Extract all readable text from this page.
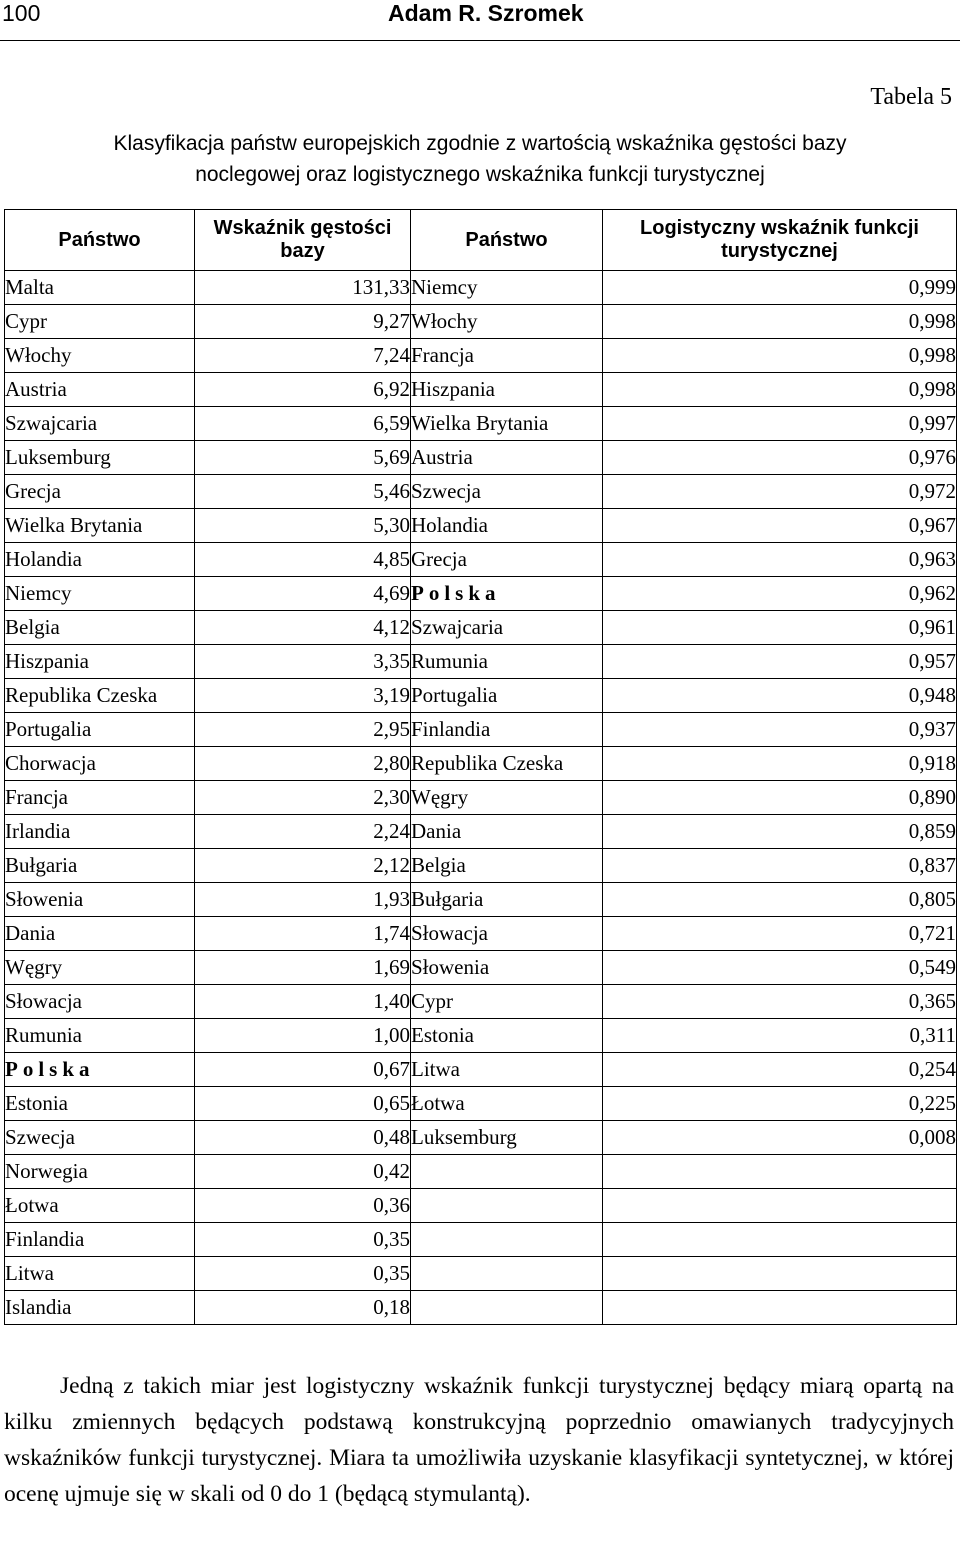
100	Adam R. Szromek
Tabela 5
Klasyfikacja państw europejskich zgodnie z wartością wskaźnika gęstości bazy
noclegowej oraz logistycznego wskaźnika funkcji turystycznej
Państwo	Wskaźnik gęstości bazy	Państwo	Logistyczny wskaźnik funkcji turystycznej
Malta	131,33	Niemcy	0,999
Cypr	9,27	Włochy	0,998
Włochy	7,24	Francja	0,998
Austria	6,92	Hiszpania	0,998
Szwajcaria	6,59	Wielka Brytania	0,997
Luksemburg	5,69	Austria	0,976
Grecja	5,46	Szwecja	0,972
Wielka Brytania	5,30	Holandia	0,967
Holandia	4,85	Grecja	0,963
Niemcy	4,69	Polska	0,962
Belgia	4,12	Szwajcaria	0,961
Hiszpania	3,35	Rumunia	0,957
Republika Czeska	3,19	Portugalia	0,948
Portugalia	2,95	Finlandia	0,937
Chorwacja	2,80	Republika Czeska	0,918
Francja	2,30	Węgry	0,890
Irlandia	2,24	Dania	0,859
Bułgaria	2,12	Belgia	0,837
Słowenia	1,93	Bułgaria	0,805
Dania	1,74	Słowacja	0,721
Węgry	1,69	Słowenia	0,549
Słowacja	1,40	Cypr	0,365
Rumunia	1,00	Estonia	0,311
Polska	0,67	Litwa	0,254
Estonia	0,65	Łotwa	0,225
Szwecja	0,48	Luksemburg	0,008
Norwegia	0,42		
Łotwa	0,36		
Finlandia	0,35		
Litwa	0,35		
Islandia	0,18		

Jedną z takich miar jest logistyczny wskaźnik funkcji turystycznej będący miarą opartą na kilku zmiennych będących podstawą konstrukcyjną poprzednio omawianych tradycyjnych wskaźników funkcji turystycznej. Miara ta umożliwiła uzyskanie klasyfikacji syntetycznej, w której ocenę ujmuje się w skali od 0 do 1 (będącą stymulantą).
